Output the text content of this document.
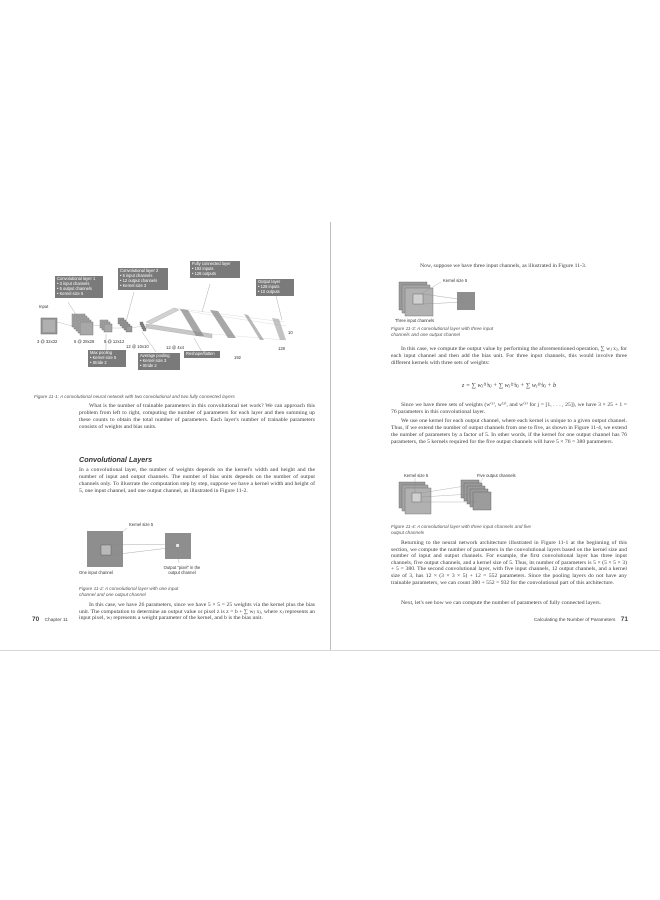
Convolutional layer 1
• 3 input channels
• 5 output channels
• Kernel size 5
Convolutional layer 2
• 5 input channels
• 12 output channels
• Kernel size 3
Fully connected layer
• 192 inputs
• 128 outputs
Output layer
• 128 inputs
• 10 outputs
Max pooling
• Kernel size 5
• Stride 2
Average pooling
• Kernel size 3
• Stride 2
Reshape/flatten
Input
3 @ 32x32	5 @ 28x28 5 @ 12x12
12 @ 10x10	12 @ 4x4
192
128
10
Figure 11-1: A convolutional neural network with two convolutional and two fully connected layers

What is the number of trainable parameters in this convolutional net work? We can approach this problem from left to right, computing the number of parameters for each layer and then summing up these counts to obtain the total number of parameters. Each layer's number of trainable parameters consists of weights and bias units.

Convolutional Layers

In a convolutional layer, the number of weights depends on the kernel's width and height and the number of input and output channels. The number of bias units depends on the number of output channels only. To illustrate the computation step by step, suppose we have a kernel width and height of 5, one input channel, and one output channel, as illustrated in Figure 11-2.

Kernel size 5
One input channel
Output "pixel" in the output channel
Figure 11-2: A convolutional layer with one input channel and one output channel

In this case, we have 26 parameters, since we have 5 × 5 = 25 weights via the kernel plus the bias unit. The computation to determine an output value or pixel z is z = b + ∑ wⱼ xⱼ, where xⱼ represents an input pixel, wⱼ represents a weight parameter of the kernel, and b is the bias unit.

70 Chapter 11

Now, suppose we have three input channels, as illustrated in Figure 11-3.

Kernel size 5
Three input channels
Figure 11-3: A convolutional layer with three input channels and one output channel

In this case, we compute the output value by performing the aforementioned operation, ∑ wⱼ xⱼ, for each input channel and then add the bias unit. For three input channels, this would involve three different kernels with three sets of weights:

z = ∑ wⱼ⁽¹⁾xⱼ + ∑ wⱼ⁽²⁾xⱼ + ∑ wⱼ⁽³⁾xⱼ + b

Since we have three sets of weights (w⁽¹⁾, w⁽²⁾, and w⁽³⁾ for j = [1, . . . , 25]), we have 3 × 25 + 1 = 76 parameters in this convolutional layer.

We use one kernel for each output channel, where each kernel is unique to a given output channel. Thus, if we extend the number of output channels from one to five, as shown in Figure 11-4, we extend the number of parameters by a factor of 5. In other words, if the kernel for one output channel has 76 parameters, the 5 kernels required for the five output channels will have 5 × 76 = 380 parameters.

Kernel size 5	Five output channels
Figure 11-4: A convolutional layer with three input channels and five output channels

Returning to the neural network architecture illustrated in Figure 11-1 at the beginning of this section, we compute the number of parameters in the convolutional layers based on the kernel size and number of input and output channels. For example, the first convolutional layer has three input channels, five output channels, and a kernel size of 5. Thus, its number of parameters is 5 × (5 × 5 × 3) + 5 = 380. The second convolutional layer, with five input channels, 12 output channels, and a kernel size of 3, has 12 × (3 × 3 × 5) + 12 = 552 parameters. Since the pooling layers do not have any trainable parameters, we can count 380 + 552 = 932 for the convolutional part of this architecture.

Next, let's see how we can compute the number of parameters of fully connected layers.

Calculating the Number of Parameters 71
